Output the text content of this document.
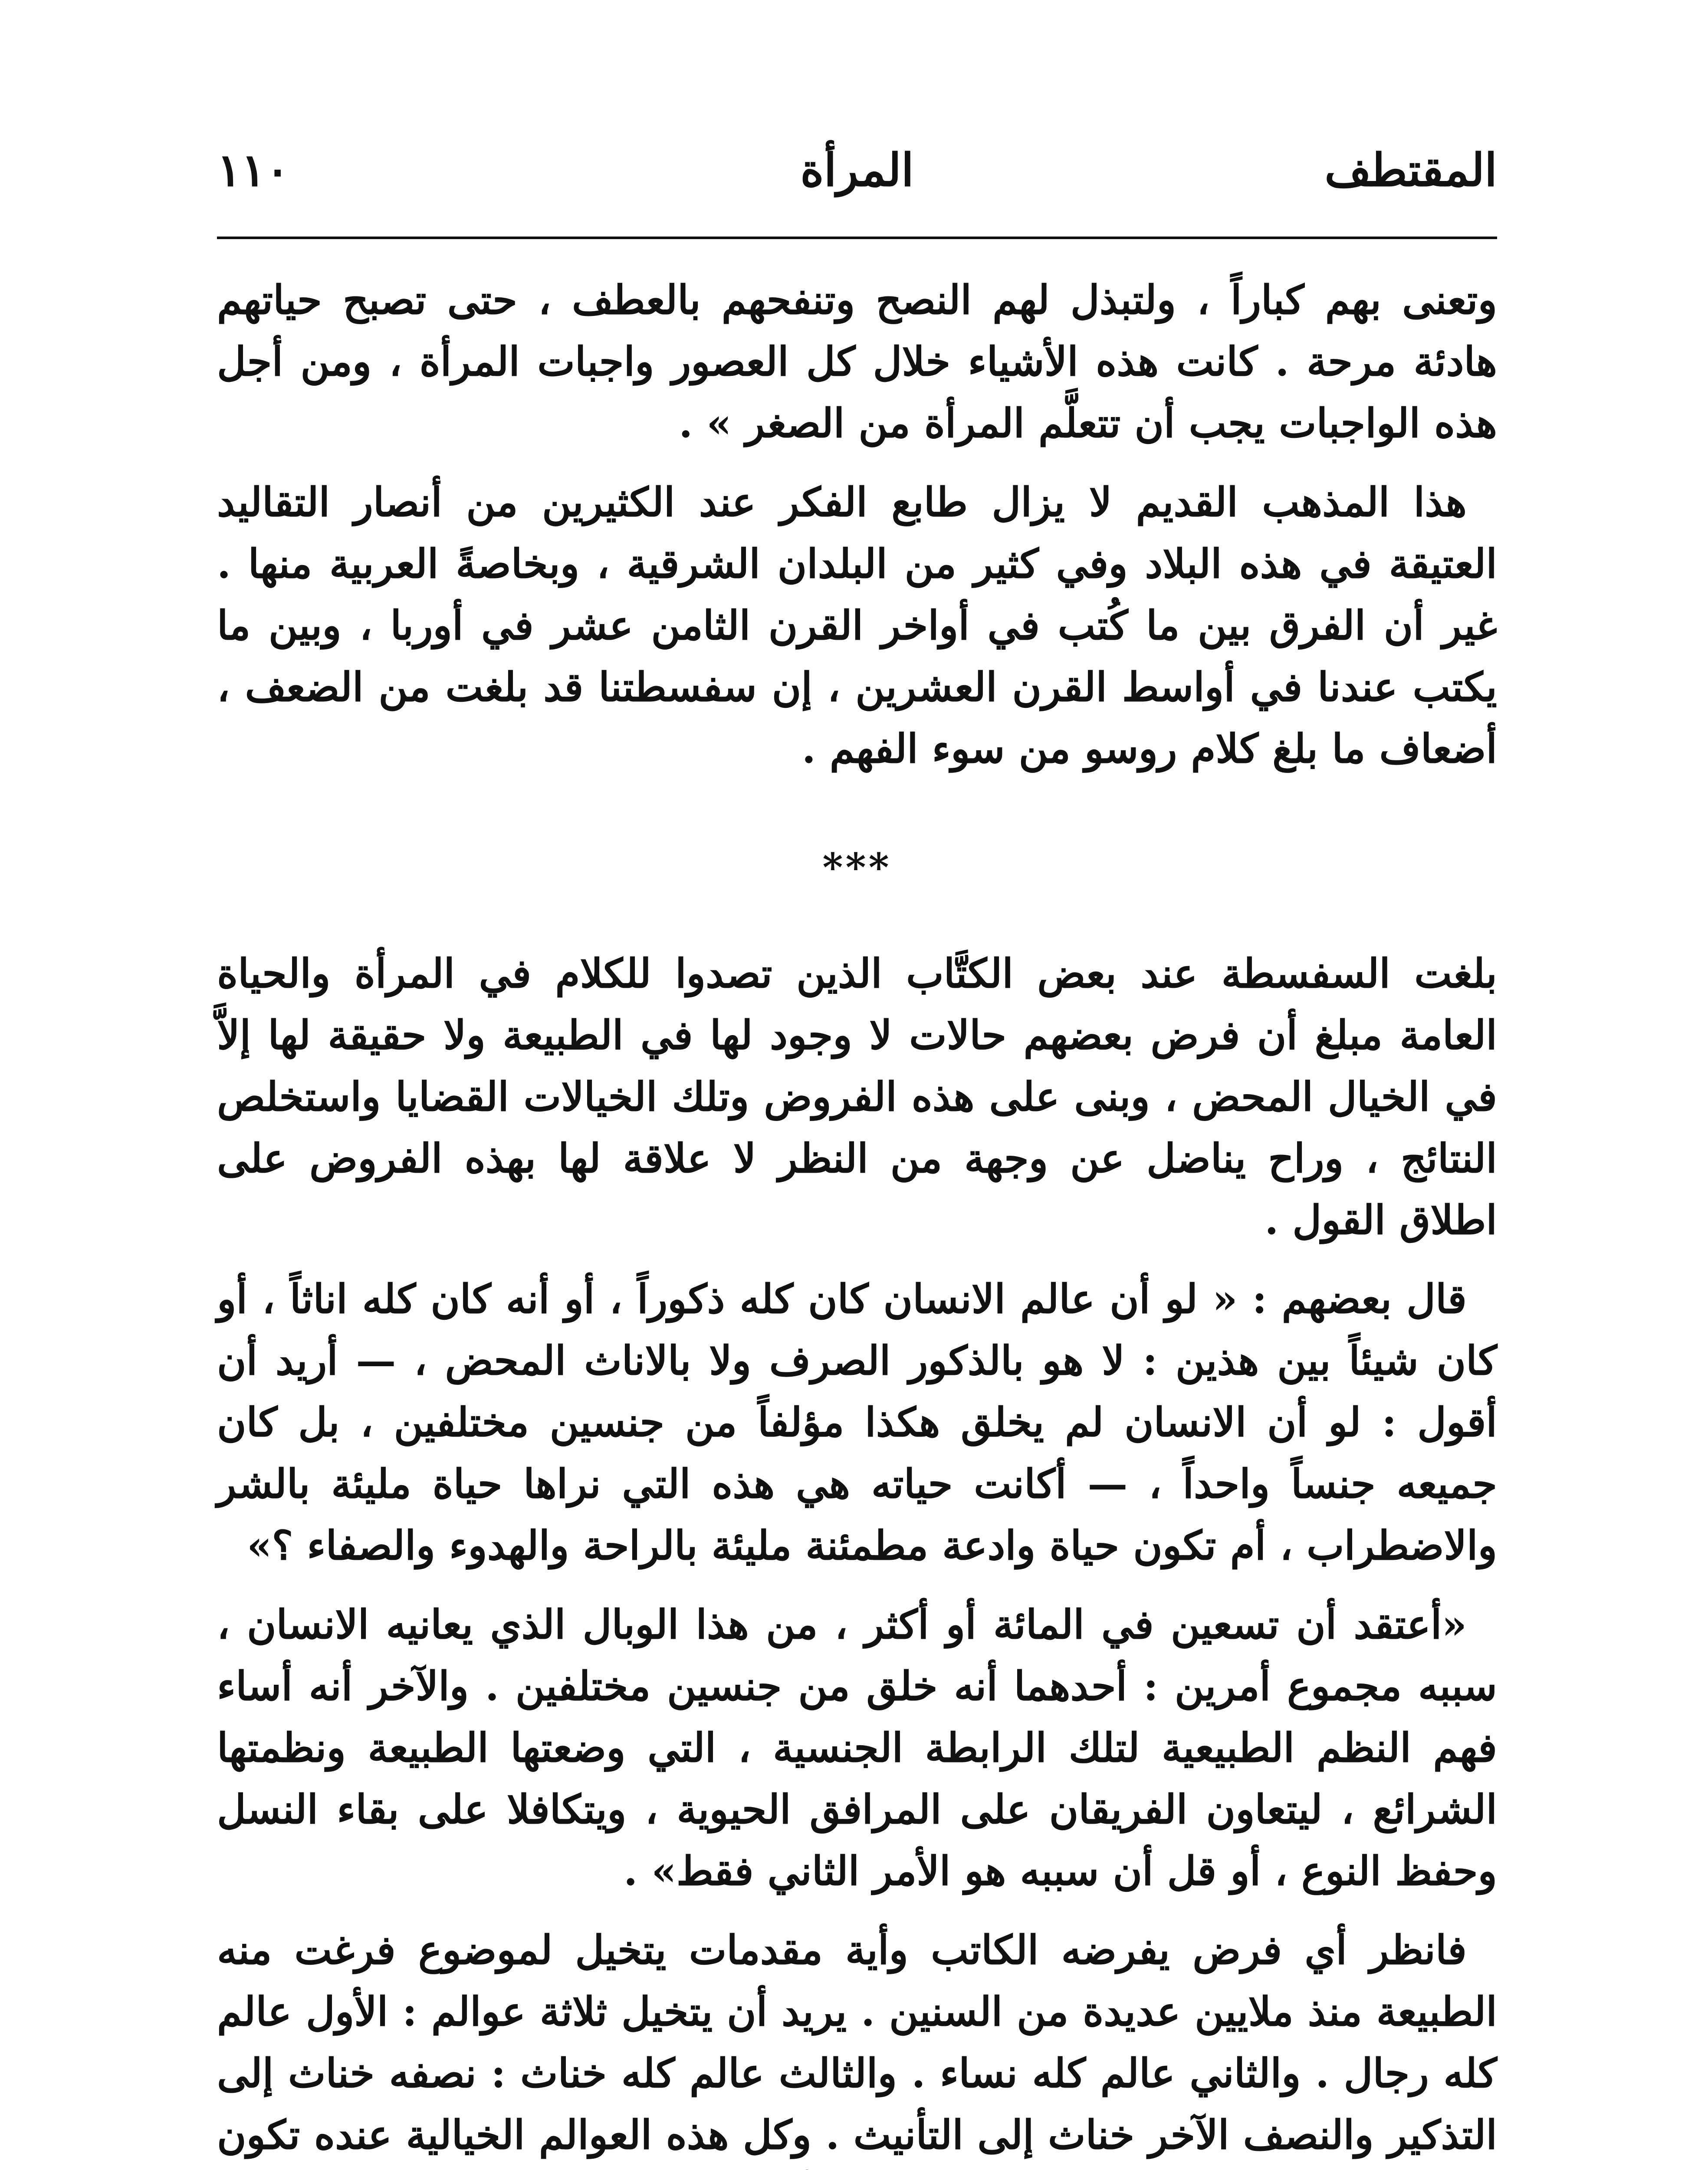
١١٠	المرأة	المقتطف

وتعنى بهم كباراً ، ولتبذل لهم النصح وتنفحهم بالعطف ، حتى تصبح حياتهم هادئة مرحة . كانت هذه الأشياء خلال كل العصور واجبات المرأة ، ومن أجل هذه الواجبات يجب أن تتعلَّم المرأة من الصغر » .

هذا المذهب القديم لا يزال طابع الفكر عند الكثيرين من أنصار التقاليد العتيقة في هذه البلاد وفي كثير من البلدان الشرقية ، وبخاصةً العربية منها . غير أن الفرق بين ما كُتب في أواخر القرن الثامن عشر في أوربا ، وبين ما يكتب عندنا في أواسط القرن العشرين ، إن سفسطتنا قد بلغت من الضعف ، أضعاف ما بلغ كلام روسو من سوء الفهم .

***

بلغت السفسطة عند بعض الكتَّاب الذين تصدوا للكلام في المرأة والحياة العامة مبلغ أن فرض بعضهم حالات لا وجود لها في الطبيعة ولا حقيقة لها إلاَّ في الخيال المحض ، وبنى على هذه الفروض وتلك الخيالات القضايا واستخلص النتائج ، وراح يناضل عن وجهة من النظر لا علاقة لها بهذه الفروض على اطلاق القول .

قال بعضهم : « لو أن عالم الانسان كان كله ذكوراً ، أو أنه كان كله اناثاً ، أو كان شيئاً بين هذين : لا هو بالذكور الصرف ولا بالاناث المحض ، — أريد أن أقول : لو أن الانسان لم يخلق هكذا مؤلفاً من جنسين مختلفين ، بل كان جميعه جنساً واحداً ، — أكانت حياته هي هذه التي نراها حياة مليئة بالشر والاضطراب ، أم تكون حياة وادعة مطمئنة مليئة بالراحة والهدوء والصفاء ؟»

«أعتقد أن تسعين في المائة أو أكثر ، من هذا الوبال الذي يعانيه الانسان ، سببه مجموع أمرين : أحدهما أنه خلق من جنسين مختلفين . والآخر أنه أساء فهم النظم الطبيعية لتلك الرابطة الجنسية ، التي وضعتها الطبيعة ونظمتها الشرائع ، ليتعاون الفريقان على المرافق الحيوية ، ويتكافلا على بقاء النسل وحفظ النوع ، أو قل أن سببه هو الأمر الثاني فقط» .

فانظر أي فرض يفرضه الكاتب وأية مقدمات يتخيل لموضوع فرغت منه الطبيعة منذ ملايين عديدة من السنين . يريد أن يتخيل ثلاثة عوالم : الأول عالم كله رجال . والثاني عالم كله نساء . والثالث عالم كله خناث : نصفه خناث إلى التذكير والنصف الآخر خناث إلى التأنيث . وكل هذه العوالم الخيالية عنده تكون
